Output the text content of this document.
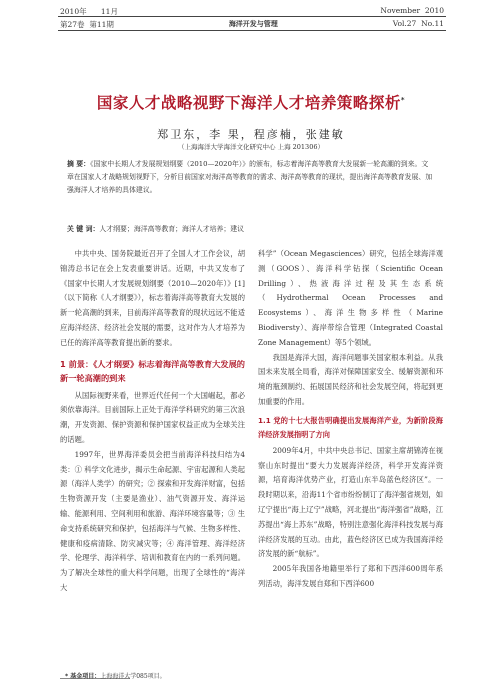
2010年 11月	November 2010
第27卷 第11期	海洋开发与管理	Vol.27 No.11
国家人才战略视野下海洋人才培养策略探析*
郑卫东，李 果，程彦楠，张建敏
（上海海洋大学海洋文化研究中心 上海 201306）
摘 要：《国家中长期人才发展规划纲要（2010—2020年）》的颁布，标志着海洋高等教育大发展新一轮高潮的到来。文章在国家人才战略规划视野下，分析目前国家对海洋高等教育的需求、海洋高等教育的现状，提出海洋高等教育发展、加强海洋人才培养的具体建议。
关 键 词：人才纲要；海洋高等教育；海洋人才培养；建议

中共中央、国务院最近召开了全国人才工作会议，胡锦涛总书记在会上发表重要讲话。近期，中共又发布了《国家中长期人才发展规划纲要（2010—2020年）》[1]（以下简称《人才纲要》），标志着海洋高等教育大发展的新一轮高潮的到来，目前海洋高等教育的现状远远不能适应海洋经济、经济社会发展的需要，这对作为人才培养为已任的海洋高等教育提出新的要求。

1 前景：《人才纲要》标志着海洋高等教育大发展的新一轮高潮的到来

从国际视野来看，世界近代任何一个大国崛起，都必须依靠海洋。目前国际上正处于海洋学科研究的第三次浪潮，开发资源、保护资源和保护国家权益正成为全球关注的话题。

1997年，世界海洋委员会把当前海洋科技归结为4类：① 科学文化进步，揭示生命起源、宇宙起源和人类起源（海洋人类学）的研究；② 探索和开发海洋财富，包括生物资源开发（主要是渔业）、油气资源开发、海洋运输、能源利用、空间利用和旅游、海洋环境容量等；③ 生命支持系统研究和保护，包括海洋与气候、生物多样性、健康和疫病清除、防灾减灾等；④ 海洋管理、海洋经济学、伦理学、海洋科学、培训和教育在内的一系列问题。为了解决全球性的重大科学问题，出现了全球性的“海洋大

科学”（Ocean Megasciences）研究，包括全球海洋观测（GOOS）、海洋科学钻探（Scientific Ocean Drilling）、热液海洋过程及其生态系统（Hydrothermal Ocean Processes and Ecosystems）、海洋生物多样性（Marine Biodiversty）、海岸带综合管理（Integrated Coastal Zone Management）等5个领域。

我国是海洋大国，海洋问题事关国家根本利益。从我国未来发展全局看，海洋对保障国家安全、缓解资源和环境的瓶颈制约、拓展国民经济和社会发展空间，将起到更加重要的作用。

1.1 党的十七大报告明确提出发展海洋产业，为新阶段海洋经济发展指明了方向

2009年4月，中共中央总书记、国家主席胡锦涛在视察山东时提出“要大力发展海洋经济，科学开发海洋资源，培育海洋优势产业，打造山东半岛蓝色经济区”。一段时期以来，沿海11个省市纷纷制订了海洋强省规划，如辽宁提出“海上辽宁”战略，河北提出“海洋强省”战略，江苏提出“海上苏东”战略，特别注意强化海洋科技发展与海洋经济发展的互动。由此，蓝色经济区已成为我国海洋经济发展的新“航标”。

2005年我国各地籍里举行了郑和下西洋600周年系列活动，海洋发展自郑和下西洋600

* 基金项目：上海海洋大学085项目。
